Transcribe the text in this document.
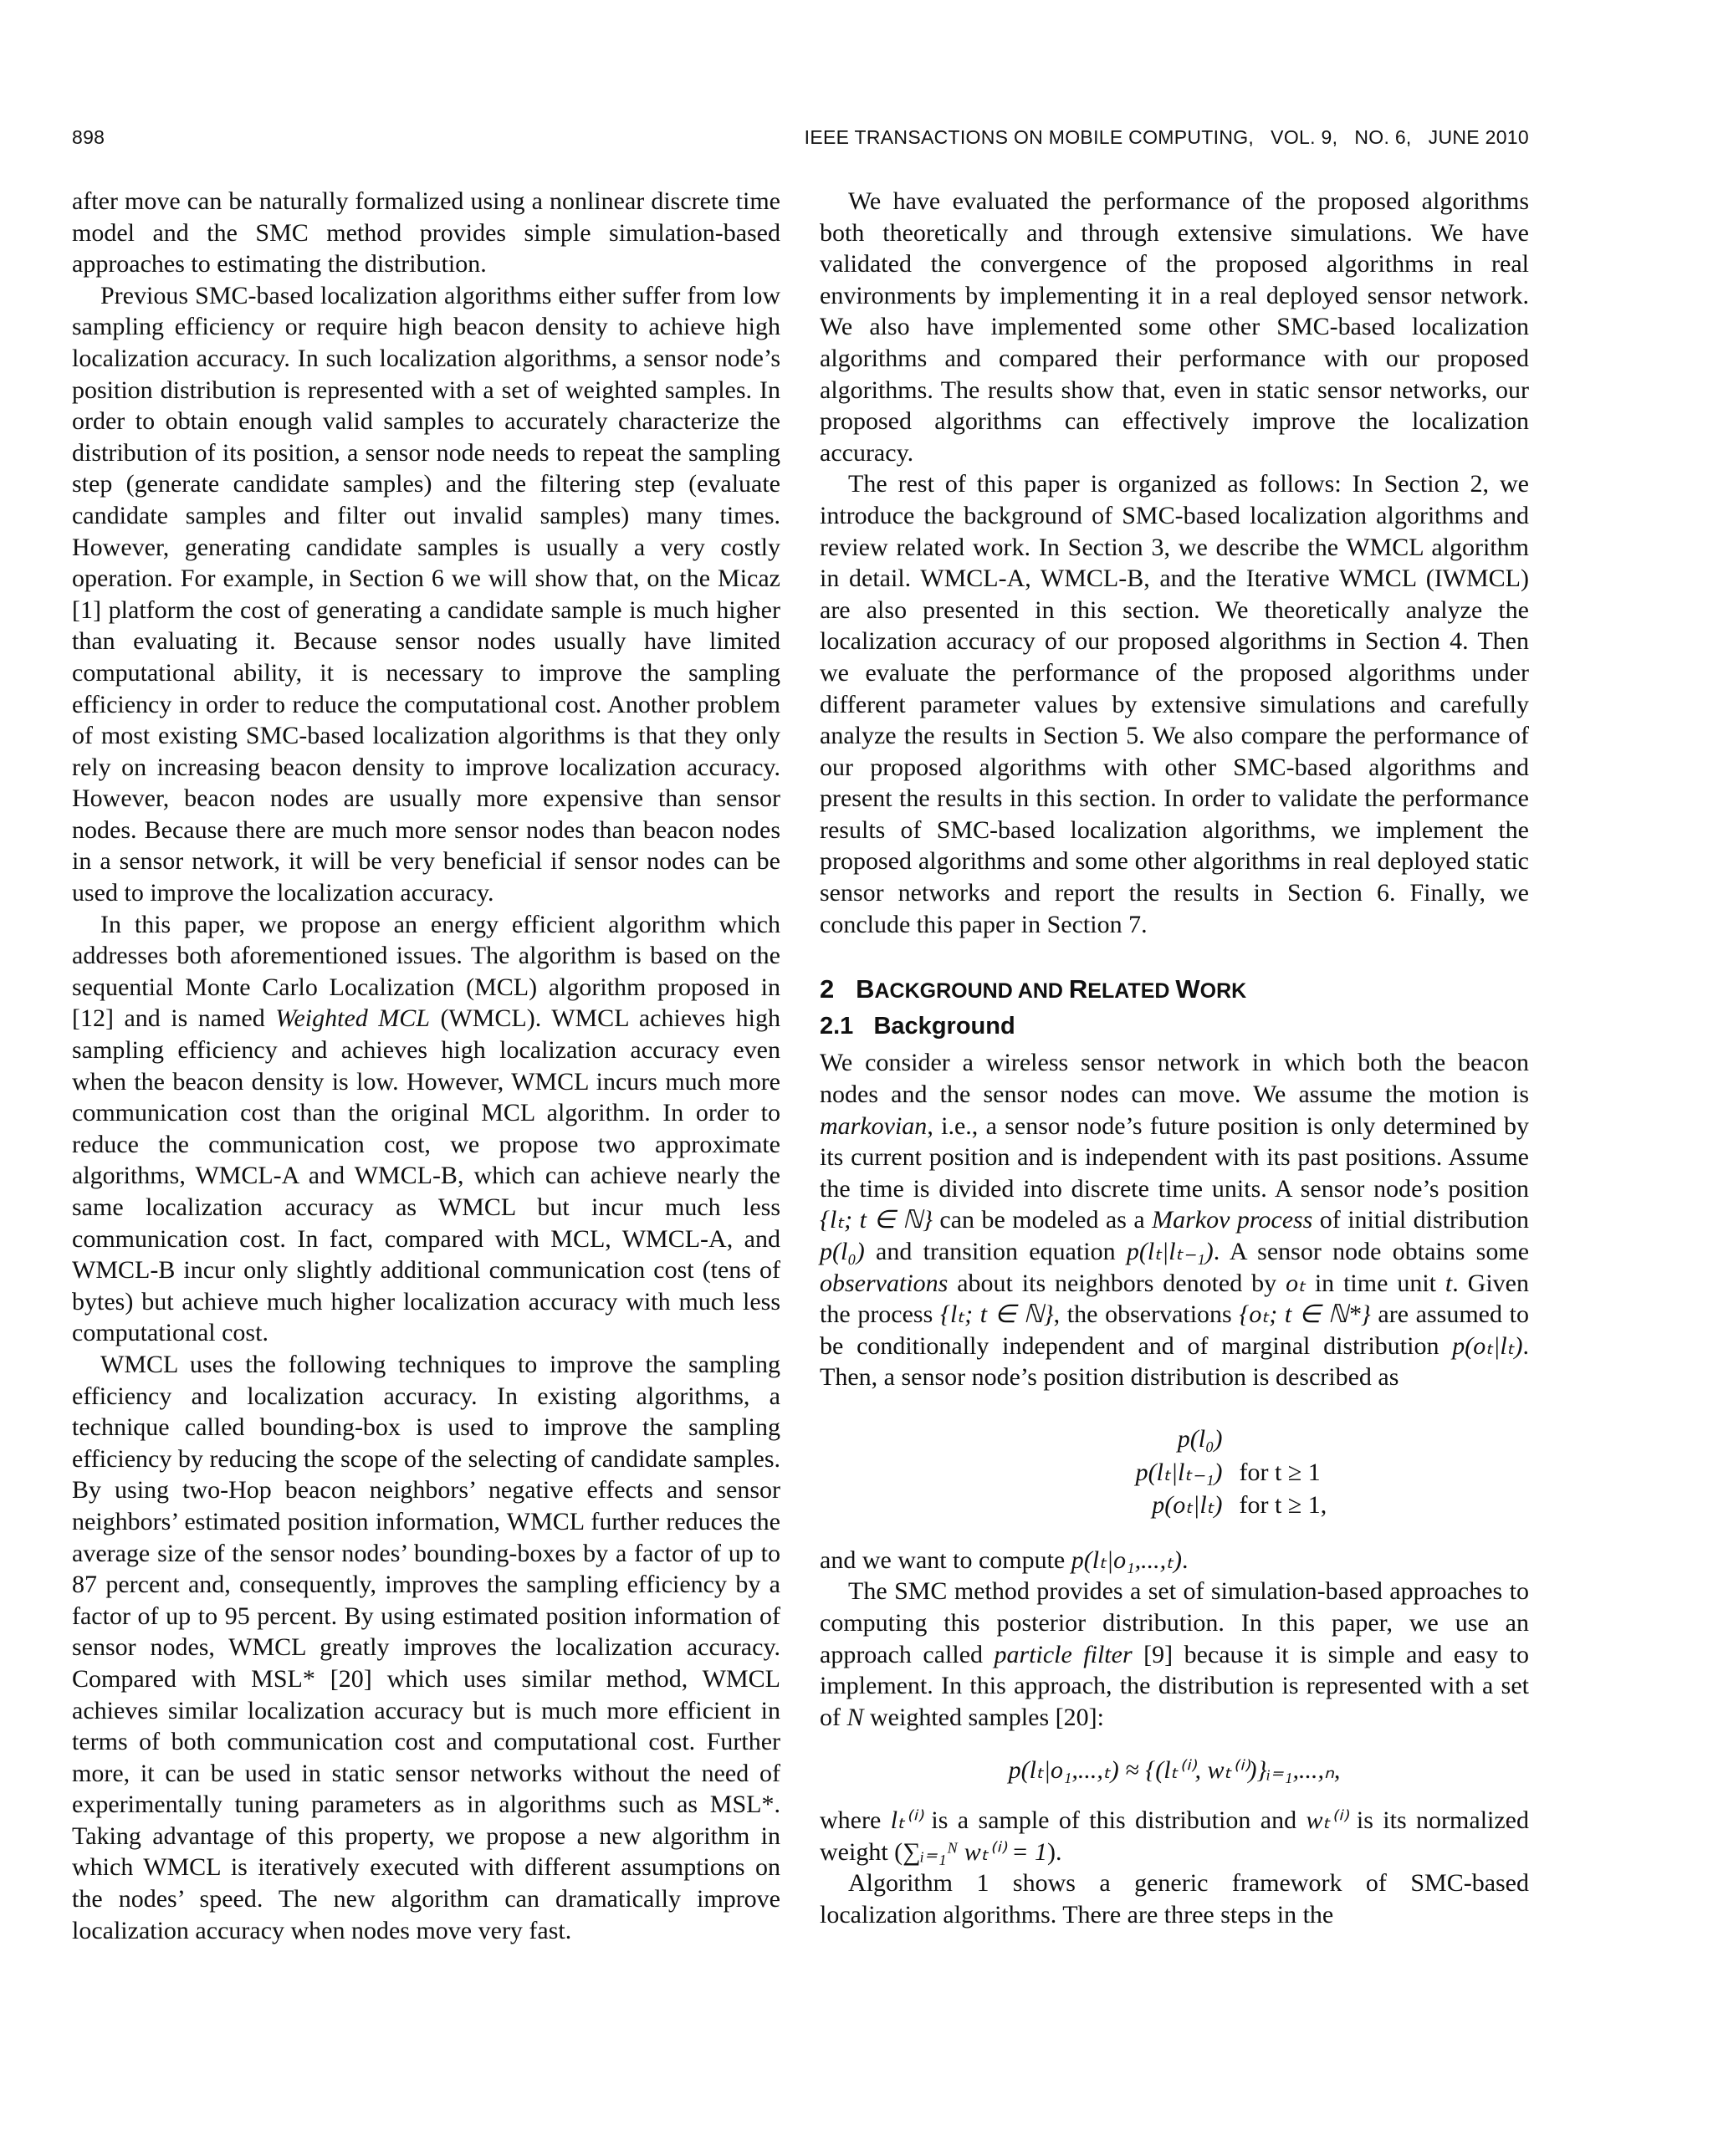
898	IEEE TRANSACTIONS ON MOBILE COMPUTING,   VOL. 9,   NO. 6,   JUNE 2010

after move can be naturally formalized using a nonlinear discrete time model and the SMC method provides simple simulation-based approaches to estimating the distribution.

Previous SMC-based localization algorithms either suffer from low sampling efficiency or require high beacon density to achieve high localization accuracy. In such localization algorithms, a sensor node’s position distribution is represented with a set of weighted samples. In order to obtain enough valid samples to accurately characterize the distribution of its position, a sensor node needs to repeat the sampling step (generate candidate samples) and the filtering step (evaluate candidate samples and filter out invalid samples) many times. However, generating candidate samples is usually a very costly operation. For example, in Section 6 we will show that, on the Micaz [1] platform the cost of generating a candidate sample is much higher than evaluating it. Because sensor nodes usually have limited computational ability, it is necessary to improve the sampling efficiency in order to reduce the computational cost. Another problem of most existing SMC-based localization algorithms is that they only rely on increasing beacon density to improve localization accuracy. However, beacon nodes are usually more expensive than sensor nodes. Because there are much more sensor nodes than beacon nodes in a sensor network, it will be very beneficial if sensor nodes can be used to improve the localization accuracy.

In this paper, we propose an energy efficient algorithm which addresses both aforementioned issues. The algorithm is based on the sequential Monte Carlo Localization (MCL) algorithm proposed in [12] and is named Weighted MCL (WMCL). WMCL achieves high sampling efficiency and achieves high localization accuracy even when the beacon density is low. However, WMCL incurs much more communication cost than the original MCL algorithm. In order to reduce the communication cost, we propose two approximate algorithms, WMCL-A and WMCL-B, which can achieve nearly the same localization accuracy as WMCL but incur much less communication cost. In fact, compared with MCL, WMCL-A, and WMCL-B incur only slightly additional communication cost (tens of bytes) but achieve much higher localization accuracy with much less computational cost.

WMCL uses the following techniques to improve the sampling efficiency and localization accuracy. In existing algorithms, a technique called bounding-box is used to improve the sampling efficiency by reducing the scope of the selecting of candidate samples. By using two-Hop beacon neighbors’ negative effects and sensor neighbors’ estimated position information, WMCL further reduces the average size of the sensor nodes’ bounding-boxes by a factor of up to 87 percent and, consequently, improves the sampling efficiency by a factor of up to 95 percent. By using estimated position information of sensor nodes, WMCL greatly improves the localization accuracy. Compared with MSL* [20] which uses similar method, WMCL achieves similar localization accuracy but is much more efficient in terms of both communication cost and computational cost. Further more, it can be used in static sensor networks without the need of experimentally tuning parameters as in algorithms such as MSL*. Taking advantage of this property, we propose a new algorithm in which WMCL is iteratively executed with different assumptions on the nodes’ speed. The new algorithm can dramatically improve localization accuracy when nodes move very fast.

We have evaluated the performance of the proposed algorithms both theoretically and through extensive simulations. We have validated the convergence of the proposed algorithms in real environments by implementing it in a real deployed sensor network. We also have implemented some other SMC-based localization algorithms and compared their performance with our proposed algorithms. The results show that, even in static sensor networks, our proposed algorithms can effectively improve the localization accuracy.

The rest of this paper is organized as follows: In Section 2, we introduce the background of SMC-based localization algorithms and review related work. In Section 3, we describe the WMCL algorithm in detail. WMCL-A, WMCL-B, and the Iterative WMCL (IWMCL) are also presented in this section. We theoretically analyze the localization accuracy of our proposed algorithms in Section 4. Then we evaluate the performance of the proposed algorithms under different parameter values by extensive simulations and carefully analyze the results in Section 5. We also compare the performance of our proposed algorithms with other SMC-based algorithms and present the results in this section. In order to validate the performance results of SMC-based localization algorithms, we implement the proposed algorithms and some other algorithms in real deployed static sensor networks and report the results in Section 6. Finally, we conclude this paper in Section 7.

2 BACKGROUND AND RELATED WORK
2.1   Background

We consider a wireless sensor network in which both the beacon nodes and the sensor nodes can move. We assume the motion is markovian, i.e., a sensor node’s future position is only determined by its current position and is independent with its past positions. Assume the time is divided into discrete time units. A sensor node’s position {lₜ; t ∈ ℕ} can be modeled as a Markov process of initial distribution p(l₀) and transition equation p(lₜ|lₜ₋₁). A sensor node obtains some observations about its neighbors denoted by oₜ in time unit t. Given the process {lₜ; t ∈ ℕ}, the observations {oₜ; t ∈ ℕ*} are assumed to be conditionally independent and of marginal distribution p(oₜ|lₜ). Then, a sensor node’s position distribution is described as

p(l₀)
p(lₜ|lₜ₋₁) for t ≥ 1
p(oₜ|lₜ) for t ≥ 1,

and we want to compute p(lₜ|o₁,...,ₜ).

The SMC method provides a set of simulation-based approaches to computing this posterior distribution. In this paper, we use an approach called particle filter [9] because it is simple and easy to implement. In this approach, the distribution is represented with a set of N weighted samples [20]:

p(lₜ|o₁,...,ₜ) ≈ {(lₜ⁽ⁱ⁾, wₜ⁽ⁱ⁾)}ᵢ₌₁,...,ₙ,

where lₜ⁽ⁱ⁾ is a sample of this distribution and wₜ⁽ⁱ⁾ is its normalized weight (∑ᵢ₌₁ᴺ wₜ⁽ⁱ⁾ = 1).

Algorithm 1 shows a generic framework of SMC-based localization algorithms. There are three steps in the
